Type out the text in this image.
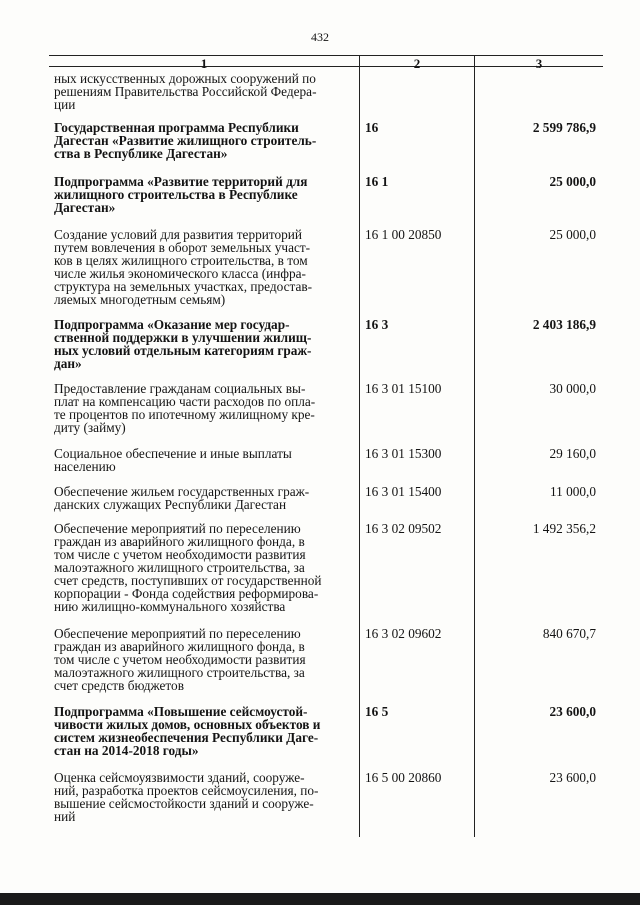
432
1	2	3
ных искусственных дорожных сооружений по
решениям Правительства Российской Федера-
ции
Государственная программа Республики
Дагестан «Развитие жилищного строитель-
ства в Республике Дагестан»
16	2 599 786,9
Подпрограмма «Развитие территорий для
жилищного строительства в Республике
Дагестан»
16 1	25 000,0
Создание условий для развития территорий
путем вовлечения в оборот земельных участ-
ков в целях жилищного строительства, в том
числе жилья экономического класса (инфра-
структура на земельных участках, предостав-
ляемых многодетным семьям)
16 1 00 20850	25 000,0
Подпрограмма «Оказание мер государ-
ственной поддержки в улучшении жилищ-
ных условий отдельным категориям граж-
дан»
16 3	2 403 186,9
Предоставление гражданам социальных вы-
плат на компенсацию части расходов по опла-
те процентов по ипотечному жилищному кре-
диту (займу)
16 3 01 15100	30 000,0
Социальное обеспечение и иные выплаты
населению
16 3 01 15300	29 160,0
Обеспечение жильем государственных граж-
данских служащих Республики Дагестан
16 3 01 15400	11 000,0
Обеспечение мероприятий по переселению
граждан из аварийного жилищного фонда, в
том числе с учетом необходимости развития
малоэтажного жилищного строительства, за
счет средств, поступивших от государственной
корпорации - Фонда содействия реформирова-
нию жилищно-коммунального хозяйства
16 3 02 09502	1 492 356,2
Обеспечение мероприятий по переселению
граждан из аварийного жилищного фонда, в
том числе с учетом необходимости развития
малоэтажного жилищного строительства, за
счет средств бюджетов
16 3 02 09602	840 670,7
Подпрограмма «Повышение сейсмоустой-
чивости жилых домов, основных объектов и
систем жизнеобеспечения Республики Даге-
стан на 2014-2018 годы»
16 5	23 600,0
Оценка сейсмоуязвимости зданий, сооруже-
ний, разработка проектов сейсмоусиления, по-
вышение сейсмостойкости зданий и сооруже-
ний
16 5 00 20860	23 600,0
